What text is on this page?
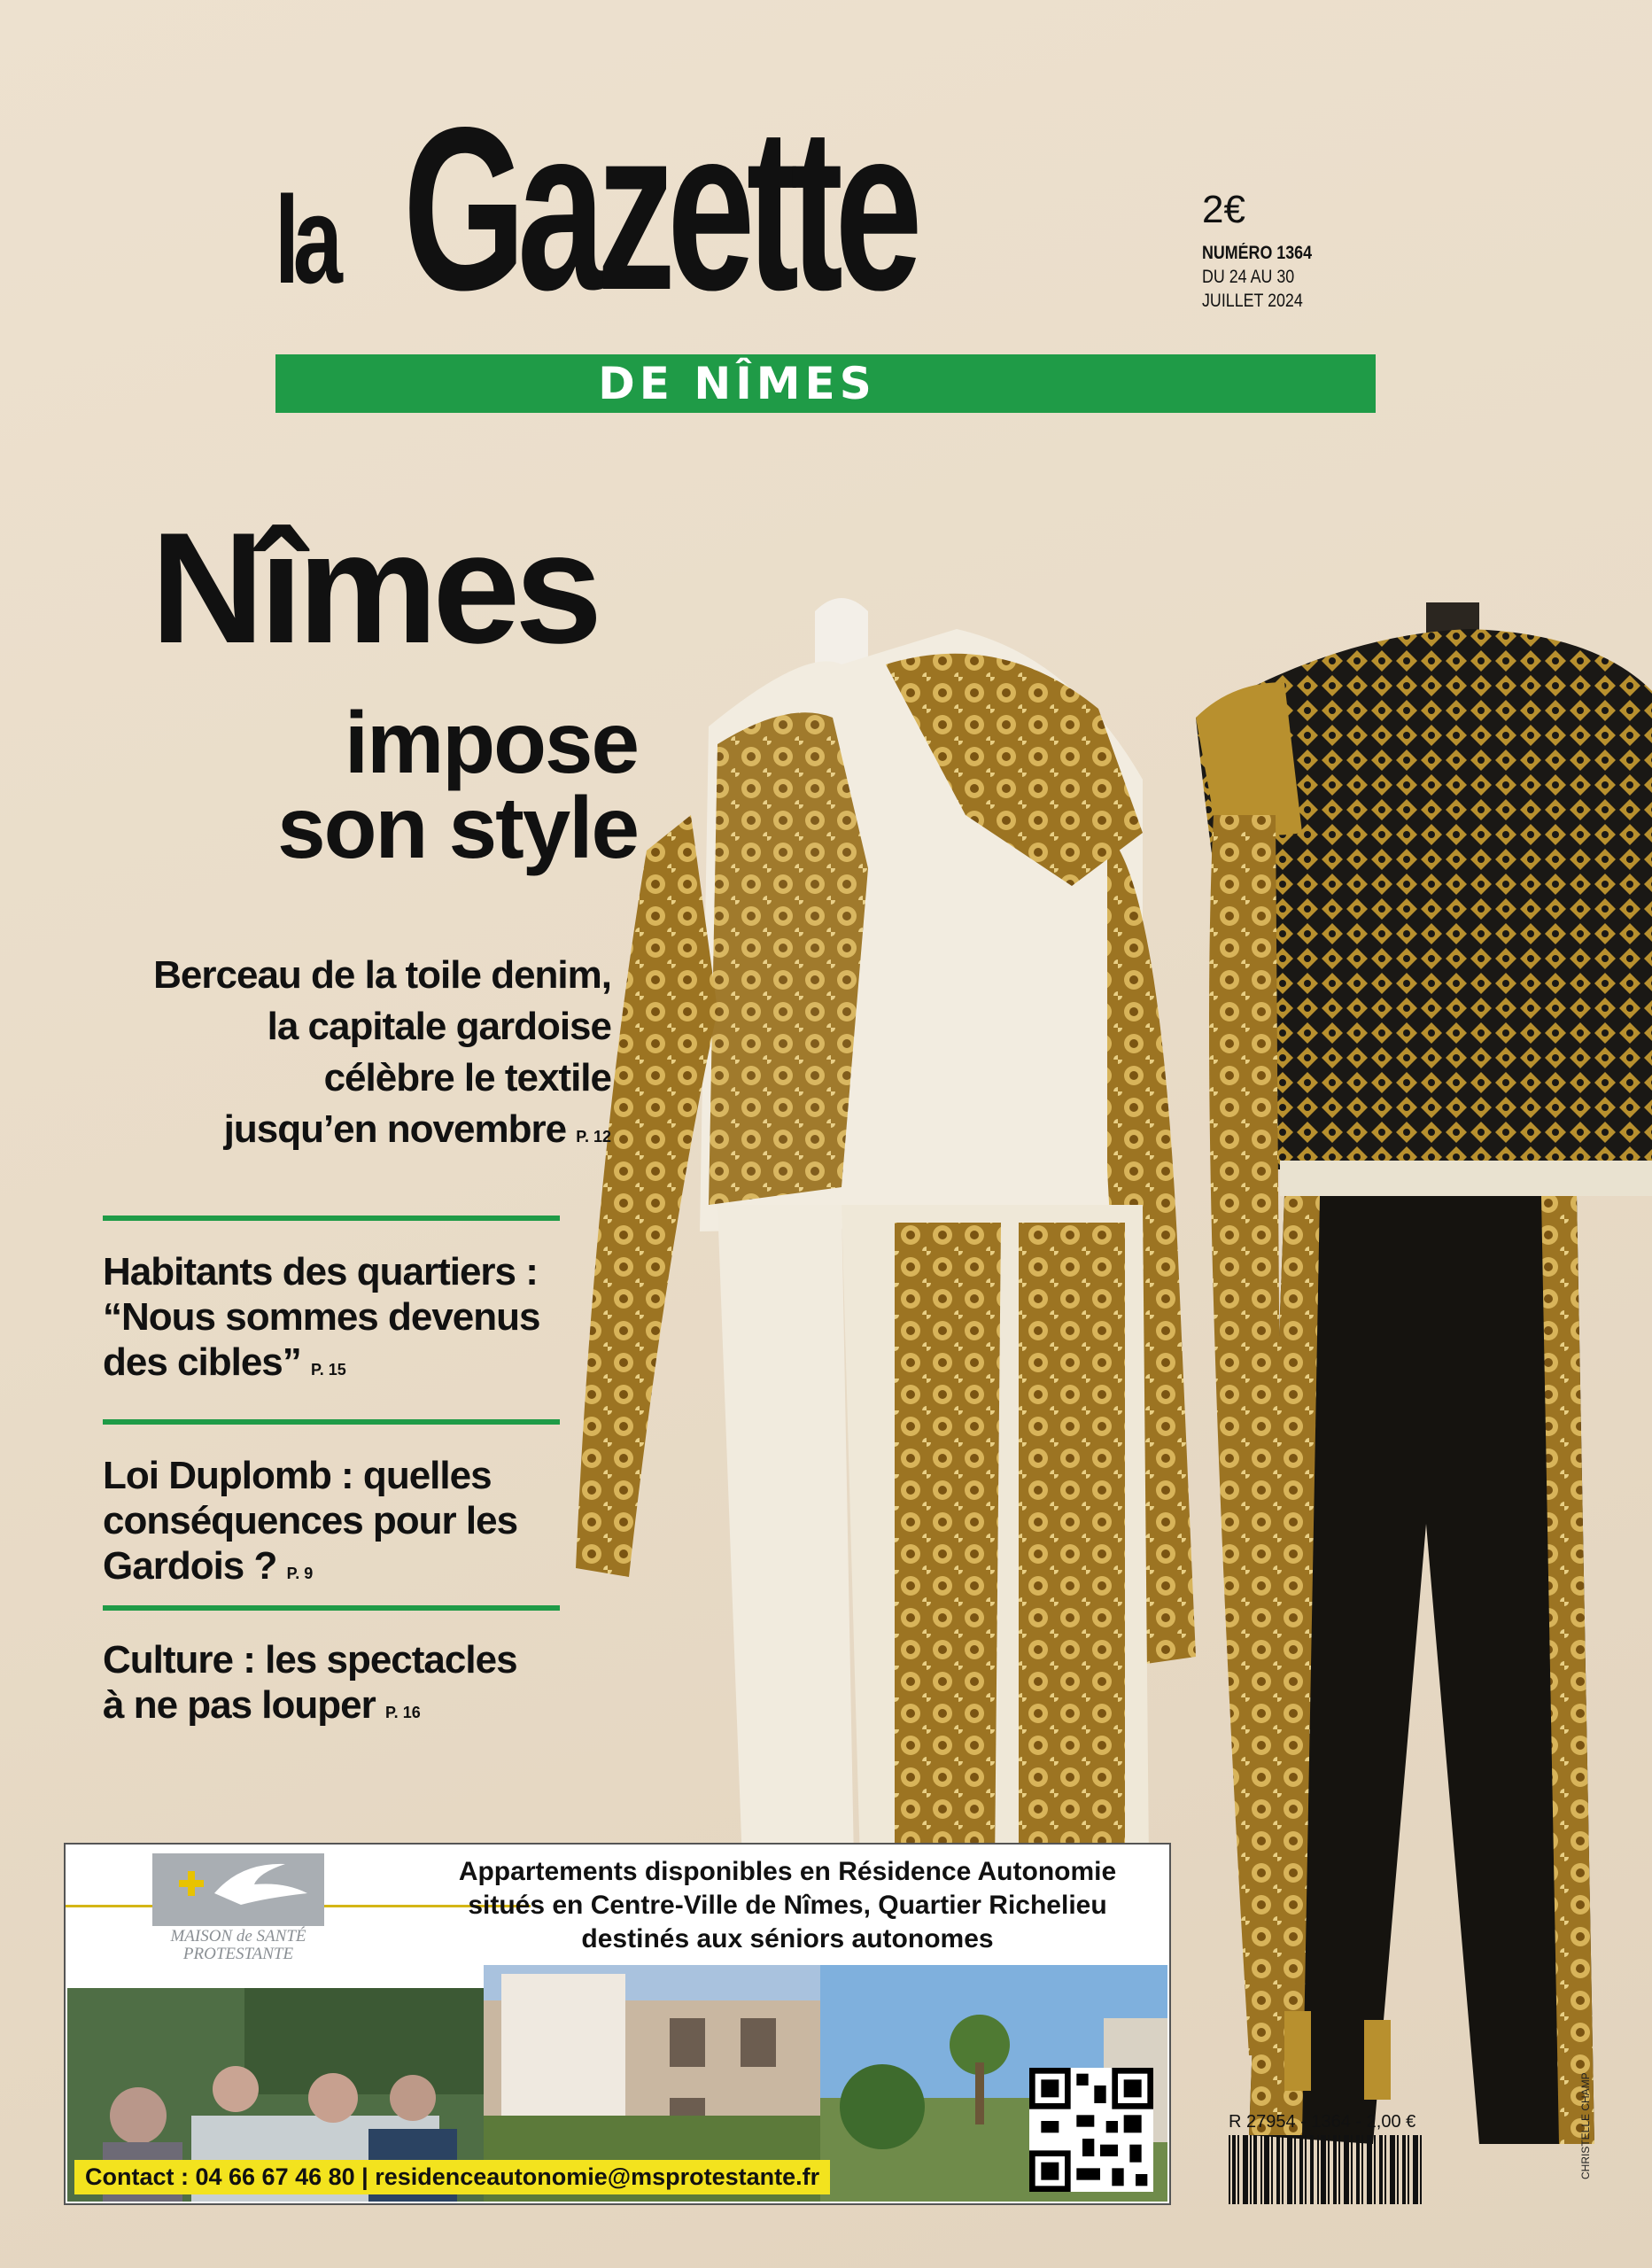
la Gazette	2€
NUMÉRO 1364
DU 24 AU 30
JUILLET 2024
DE NÎMES
Nîmes
impose
son style
Berceau de la toile denim,
la capitale gardoise
célèbre le textile
jusqu’en novembre P. 12
Habitants des quartiers :
“Nous sommes devenus
des cibles” P. 15
Loi Duplomb : quelles
conséquences pour les
Gardois ? P. 9
Culture : les spectacles
à ne pas louper P. 16
MAISON de SANTÉ
PROTESTANTE
Appartements disponibles en Résidence Autonomie
situés en Centre-Ville de Nîmes, Quartier Richelieu
destinés aux séniors autonomes
Contact : 04 66 67 46 80 | residenceautonomie@msprotestante.fr
R 27954 - 1364 - 2,00 €	CHRISTELLE CHAMP
